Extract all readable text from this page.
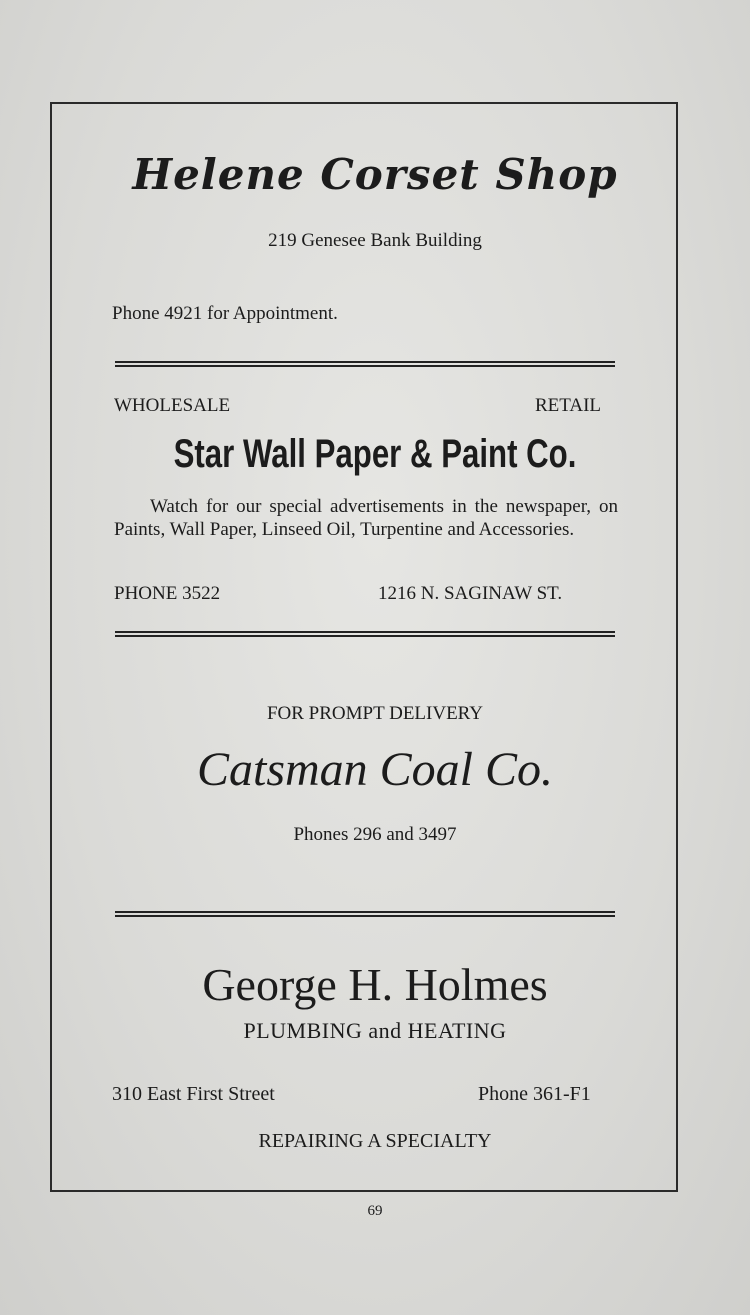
Helene Corset Shop
219 Genesee Bank Building
Phone 4921 for Appointment.
WHOLESALE	RETAIL
Star Wall Paper & Paint Co.
Watch for our special advertisements in the newspaper, on Paints, Wall Paper, Linseed Oil, Turpentine and Accessories.
PHONE 3522	1216 N. SAGINAW ST.
FOR PROMPT DELIVERY
Catsman Coal Co.
Phones 296 and 3497
George H. Holmes
PLUMBING and HEATING
310 East First Street	Phone 361-F1
REPAIRING A SPECIALTY
69
